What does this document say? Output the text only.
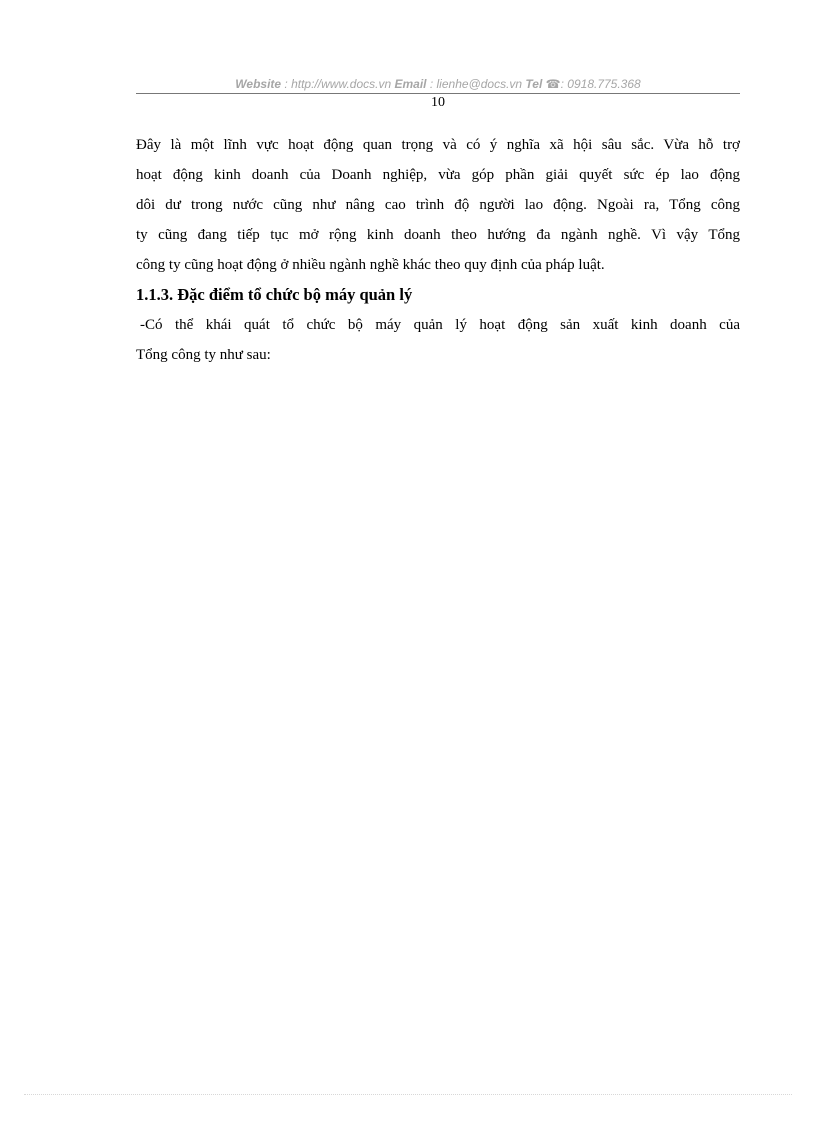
Website : http://www.docs.vn Email : lienhe@docs.vn Tel ☎: 0918.775.368
10
Đây là một lĩnh vực hoạt động quan trọng và có ý nghĩa xã hội sâu sắc. Vừa hỗ trợ
hoạt động kinh doanh của Doanh nghiệp, vừa góp phần giải quyết sức ép lao động
dôi dư trong nước cũng như nâng cao trình độ người lao động. Ngoài ra, Tổng công
ty cũng đang tiếp tục mở rộng kinh doanh theo hướng đa ngành nghề. Vì vậy Tổng
công ty cũng hoạt động ở nhiều ngành nghề khác theo quy định của pháp luật.
1.1.3. Đặc điểm tổ chức bộ máy quản lý
-Có thể khái quát tổ chức bộ máy quản lý hoạt động sản xuất kinh doanh của
Tổng công ty như sau:
